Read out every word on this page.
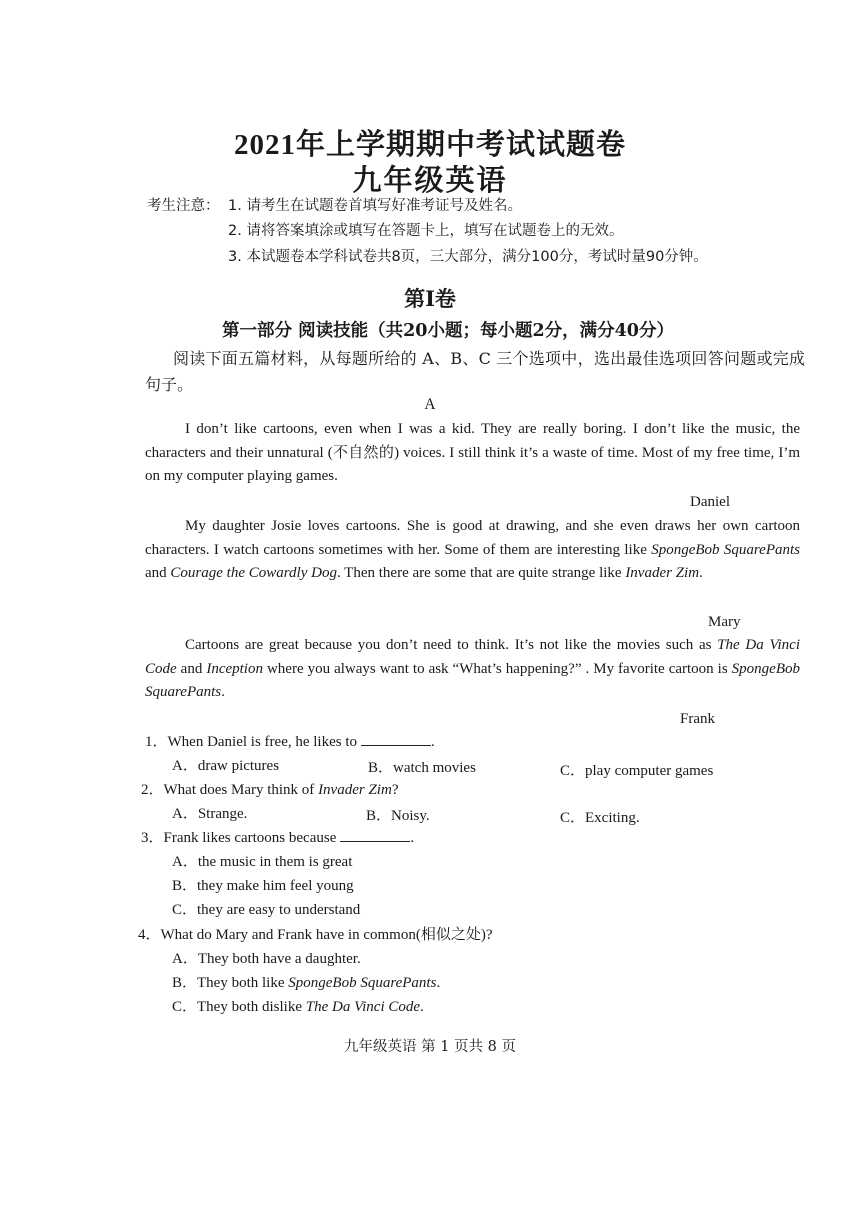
2021年上学期期中考试试题卷
九年级英语
考生注意： 1. 请考生在试题卷首填写好准考证号及姓名。
2. 请将答案填涂或填写在答题卡上，填写在试题卷上的无效。
3. 本试题卷本学科试卷共8页，三大部分，满分100分，考试时量90分钟。
第Ⅰ卷
第一部分 阅读技能（共20小题；每小题2分，满分40分）
阅读下面五篇材料，从每题所给的 A、B、C 三个选项中，选出最佳选项回答问题或完成句子。
A
I don’t like cartoons, even when I was a kid. They are really boring. I don’t like the music, the characters and their unnatural (不自然的) voices. I still think it’s a waste of time. Most of my free time, I’m on my computer playing games.
Daniel
My daughter Josie loves cartoons. She is good at drawing, and she even draws her own cartoon characters. I watch cartoons sometimes with her. Some of them are interesting like SpongeBob SquarePants and Courage the Cowardly Dog. Then there are some that are quite strange like Invader Zim.
Mary
Cartoons are great because you don’t need to think. It’s not like the movies such as The Da Vinci Code and Inception where you always want to ask “What’s happening?” . My favorite cartoon is SpongeBob SquarePants.
Frank
1．When Daniel is free, he likes to	.
A．draw pictures	B．watch movies	C．play computer games
2．What does Mary think of Invader Zim?
A．Strange.	B．Noisy.	C．Exciting.
3．Frank likes cartoons because	.
A．the music in them is great
B．they make him feel young
C．they are easy to understand
4．What do Mary and Frank have in common(相似之处)?
A．They both have a daughter.
B．They both like SpongeBob SquarePants.
C．They both dislike The Da Vinci Code.
九年级英语 第 1 页共 8 页
